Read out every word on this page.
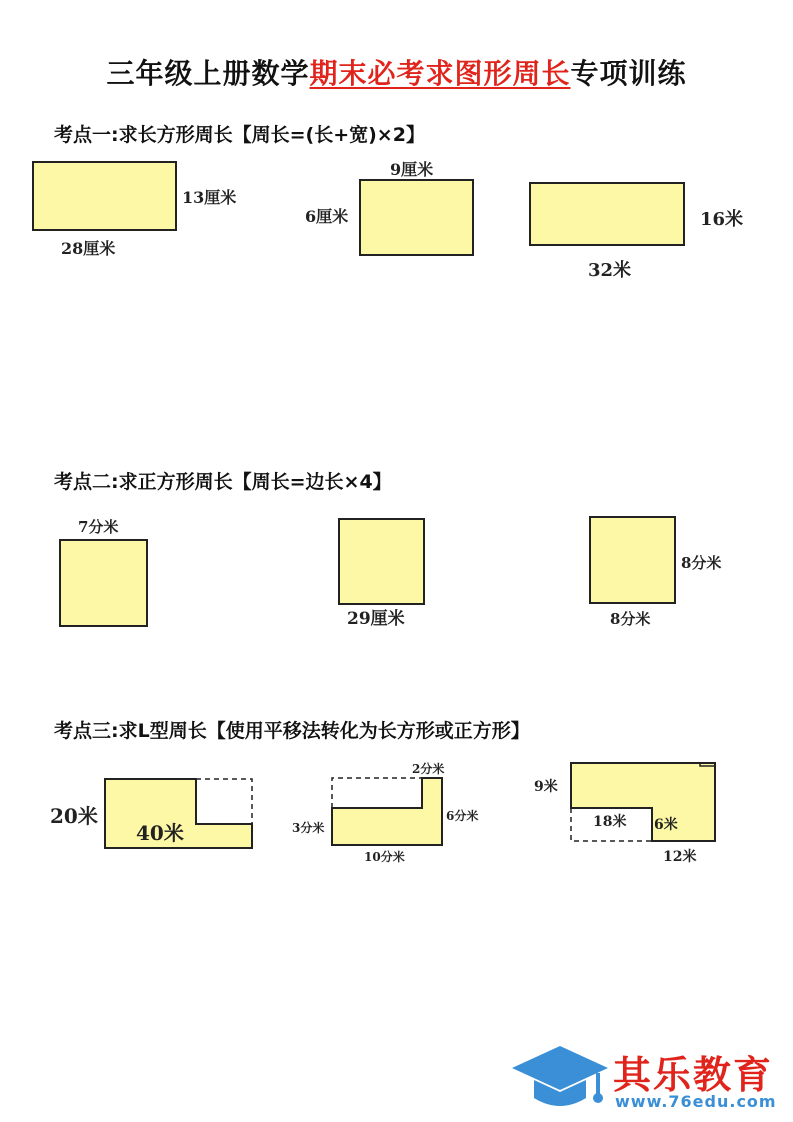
三年级上册数学期末必考求图形周长专项训练
考点一:求长方形周长【周长=(长+宽)×2】
考点二:求正方形周长【周长=边长×4】
考点三:求L型周长【使用平移法转化为长方形或正方形】
13厘米
28厘米
9厘米
6厘米	16米
32米
7分米
29厘米
8分米
8分米
20米
40米
2分米
6分米
3分米
10分米
9米
18米 6米
12米
其乐教育
www.76edu.com
